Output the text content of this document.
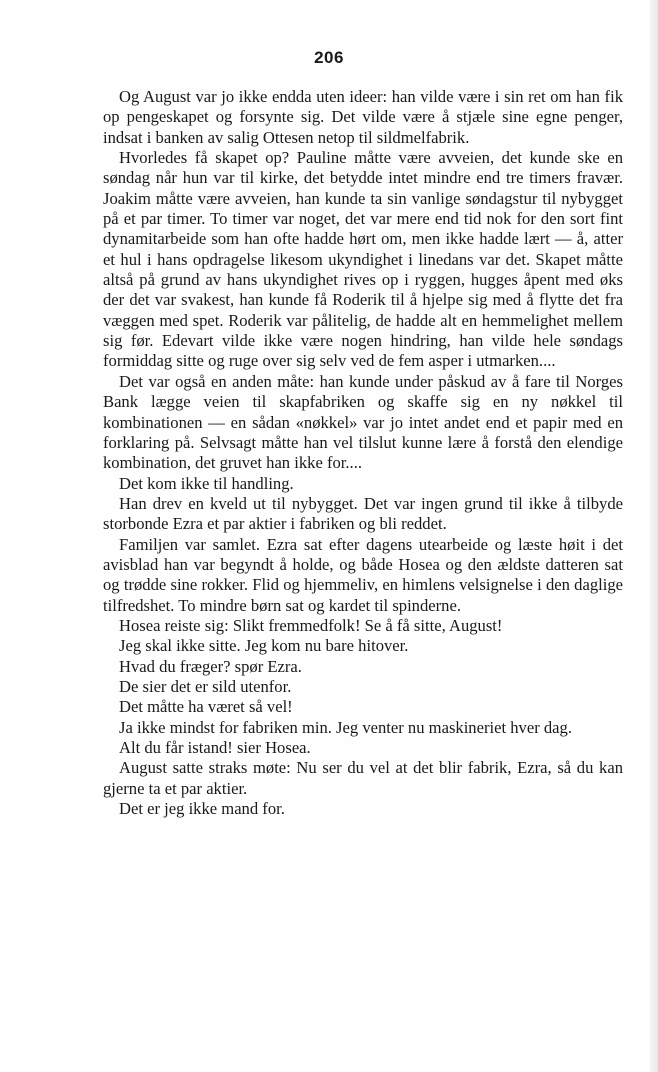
206

Og August var jo ikke endda uten ideer: han vilde være i sin ret om han fik op pengeskapet og forsynte sig. Det vilde være å stjæle sine egne penger, indsat i banken av salig Ottesen netop til sildmelfabrik.

Hvorledes få skapet op? Pauline måtte være avveien, det kunde ske en søndag når hun var til kirke, det betydde intet mindre end tre timers fravær. Joakim måtte være avveien, han kunde ta sin vanlige søndagstur til nybygget på et par timer. To timer var noget, det var mere end tid nok for den sort fint dynamitarbeide som han ofte hadde hørt om, men ikke hadde lært — å, atter et hul i hans opdragelse likesom ukyndighet i linedans var det. Skapet måtte altså på grund av hans ukyndighet rives op i ryggen, hugges åpent med øks der det var svakest, han kunde få Roderik til å hjelpe sig med å flytte det fra væggen med spet. Roderik var pålitelig, de hadde alt en hemmelighet mellem sig før. Edevart vilde ikke være nogen hindring, han vilde hele søndags formiddag sitte og ruge over sig selv ved de fem asper i utmarken....

Det var også en anden måte: han kunde under påskud av å fare til Norges Bank lægge veien til skapfabriken og skaffe sig en ny nøkkel til kombinationen — en sådan «nøkkel» var jo intet andet end et papir med en forklaring på. Selvsagt måtte han vel tilslut kunne lære å forstå den elendige kombination, det gruvet han ikke for....

Det kom ikke til handling.

Han drev en kveld ut til nybygget. Det var ingen grund til ikke å tilbyde storbonde Ezra et par aktier i fabriken og bli reddet.

Familjen var samlet. Ezra sat efter dagens utearbeide og læste høit i det avisblad han var begyndt å holde, og både Hosea og den ældste datteren sat og trødde sine rokker. Flid og hjemmeliv, en himlens velsignelse i den daglige tilfredshet. To mindre børn sat og kardet til spinderne.

Hosea reiste sig: Slikt fremmedfolk! Se å få sitte, August!

Jeg skal ikke sitte. Jeg kom nu bare hitover.

Hvad du fræger? spør Ezra.

De sier det er sild utenfor.

Det måtte ha været så vel!

Ja ikke mindst for fabriken min. Jeg venter nu maskineriet hver dag.

Alt du får istand! sier Hosea.

August satte straks møte: Nu ser du vel at det blir fabrik, Ezra, så du kan gjerne ta et par aktier.

Det er jeg ikke mand for.
